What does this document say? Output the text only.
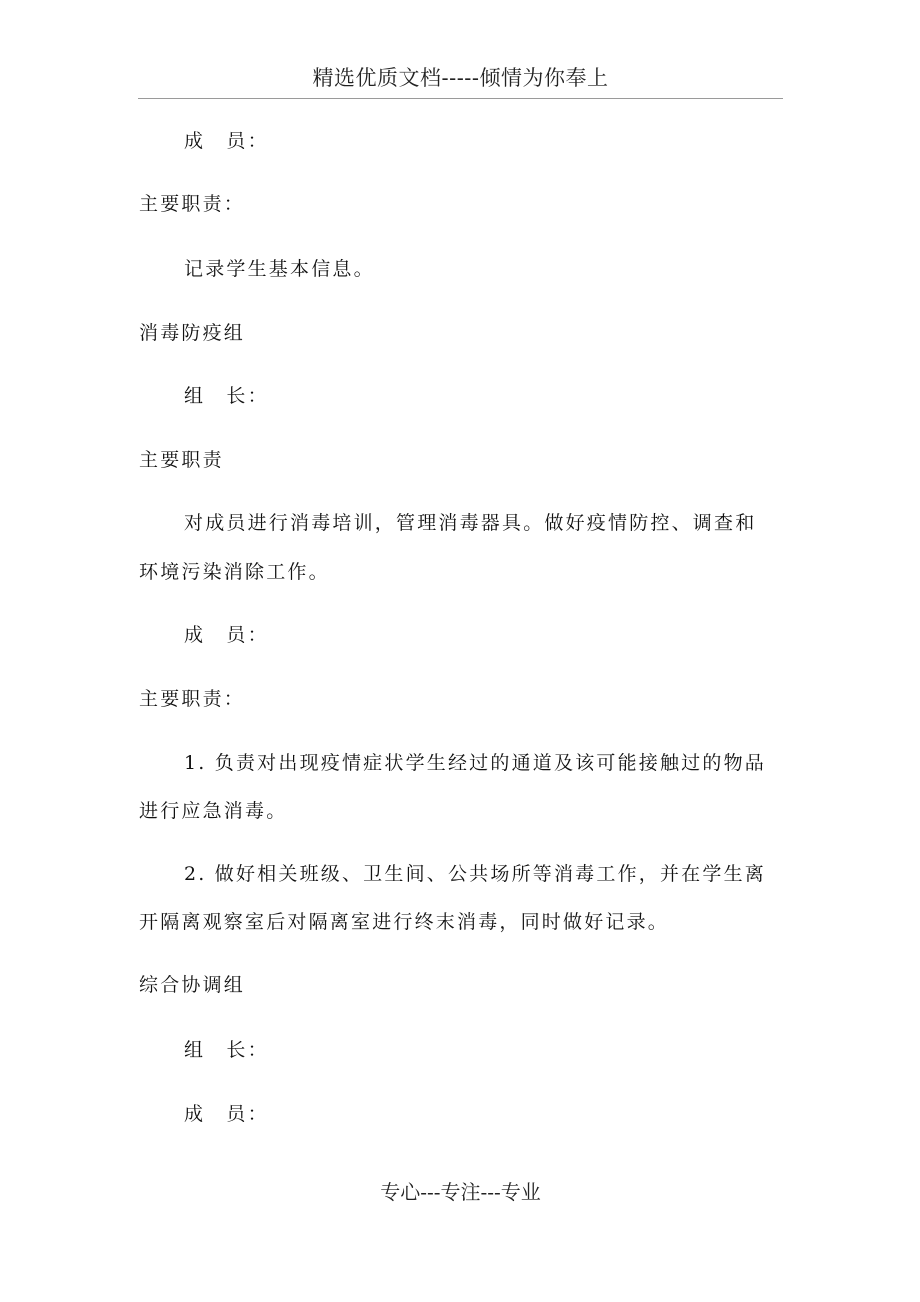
精选优质文档-----倾情为你奉上
成　员：
主要职责：
记录学生基本信息。
消毒防疫组
组　长：
主要职责
对成员进行消毒培训，管理消毒器具。做好疫情防控、调查和
环境污染消除工作。
成　员：
主要职责：
1. 负责对出现疫情症状学生经过的通道及该可能接触过的物品
进行应急消毒。
2. 做好相关班级、卫生间、公共场所等消毒工作，并在学生离
开隔离观察室后对隔离室进行终末消毒，同时做好记录。
综合协调组
组　长：
成　员：
专心---专注---专业
